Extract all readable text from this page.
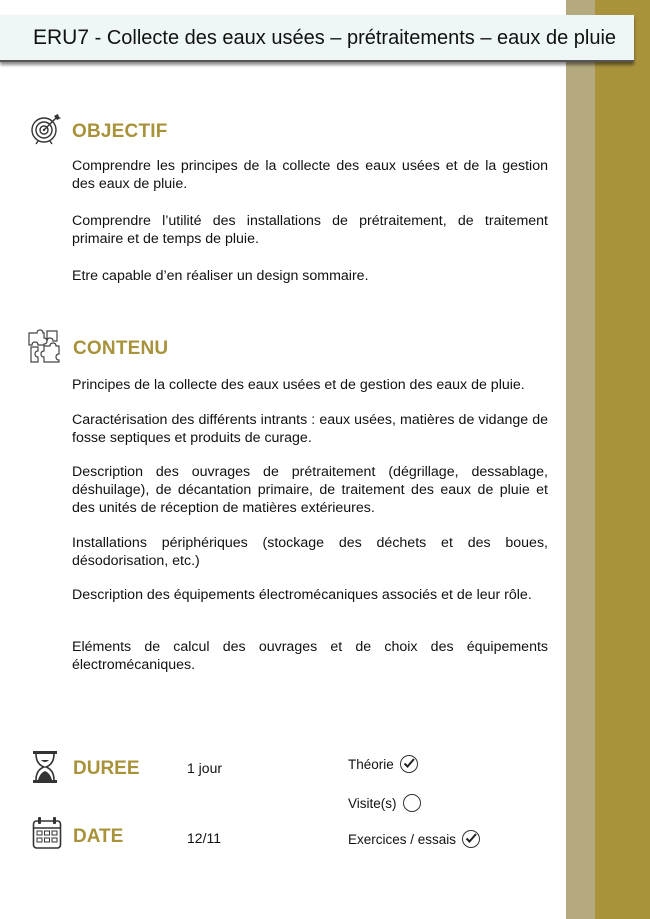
ERU7 - Collecte des eaux usées – prétraitements – eaux de pluie
OBJECTIF

Comprendre les principes de la collecte des eaux usées et de la gestion des eaux de pluie.

Comprendre l’utilité des installations de prétraitement, de traitement primaire et de temps de pluie.

Etre capable d’en réaliser un design sommaire.

CONTENU

Principes de la collecte des eaux usées et de gestion des eaux de pluie.

Caractérisation des différents intrants : eaux usées, matières de vidange de fosse septiques et produits de curage.

Description des ouvrages de prétraitement (dégrillage, dessablage, déshuilage), de décantation primaire, de traitement des eaux de pluie et des unités de réception de matières extérieures.

Installations périphériques (stockage des déchets et des boues, désodorisation, etc.)

Description des équipements électromécaniques associés et de leur rôle.

Eléments de calcul des ouvrages et de choix des équipements électromécaniques.

DUREE	1 jour
DATE	12/11
Théorie
Visite(s)
Exercices / essais
